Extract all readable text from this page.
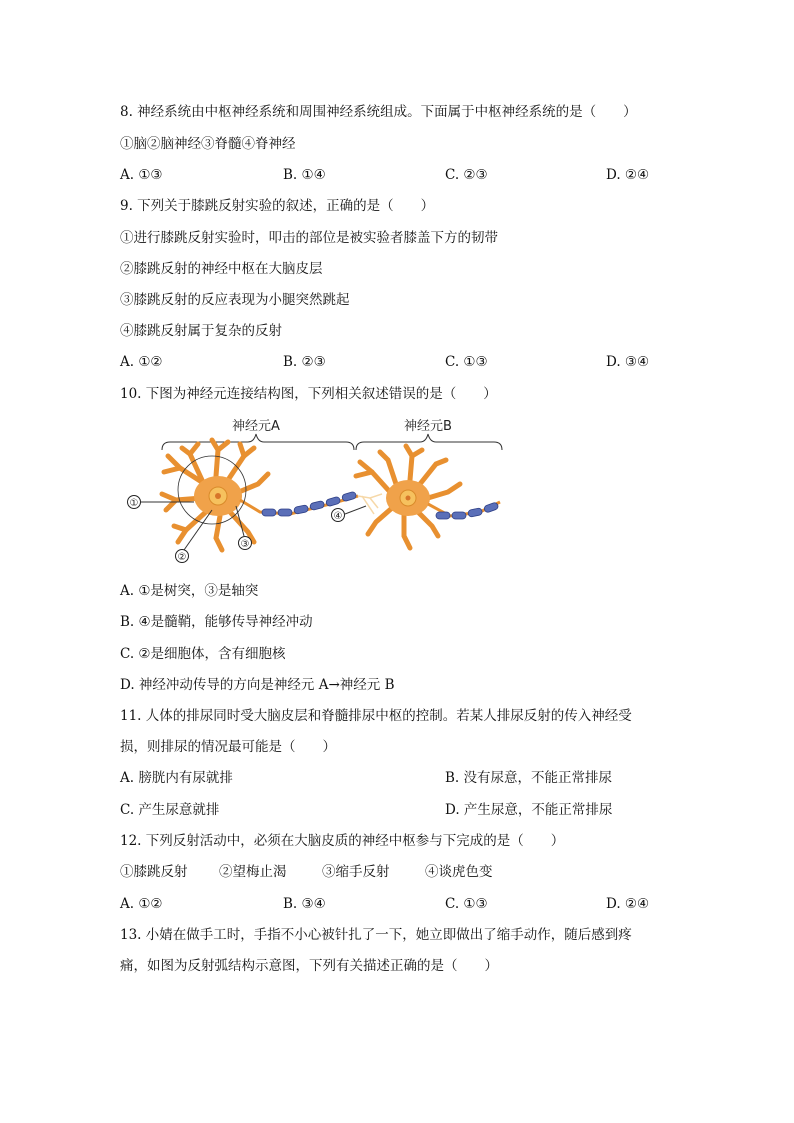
8. 神经系统由中枢神经系统和周围神经系统组成。下面属于中枢神经系统的是（　　）
①脑②脑神经③脊髓④脊神经
A. ①③	B. ①④	C. ②③	D. ②④
9. 下列关于膝跳反射实验的叙述，正确的是（　　）
①进行膝跳反射实验时，叩击的部位是被实验者膝盖下方的韧带
②膝跳反射的神经中枢在大脑皮层
③膝跳反射的反应表现为小腿突然跳起
④膝跳反射属于复杂的反射
A. ①②	B. ②③	C. ①③	D. ③④
10. 下图为神经元连接结构图，下列相关叙述错误的是（　　）
神经元A	神经元B
①
②
③
④
A. ①是树突，③是轴突
B. ④是髓鞘，能够传导神经冲动
C. ②是细胞体，含有细胞核
D. 神经冲动传导的方向是神经元 A→神经元 B
11. 人体的排尿同时受大脑皮层和脊髓排尿中枢的控制。若某人排尿反射的传入神经受
损，则排尿的情况最可能是（　　）
A. 膀胱内有尿就排	B. 没有尿意，不能正常排尿
C. 产生尿意就排	D. 产生尿意，不能正常排尿
12. 下列反射活动中，必须在大脑皮质的神经中枢参与下完成的是（　　）
①膝跳反射 ②望梅止渴	③缩手反射	④谈虎色变
A. ①②	B. ③④	C. ①③	D. ②④
13. 小婧在做手工时，手指不小心被针扎了一下，她立即做出了缩手动作，随后感到疼
痛，如图为反射弧结构示意图，下列有关描述正确的是（　　）
